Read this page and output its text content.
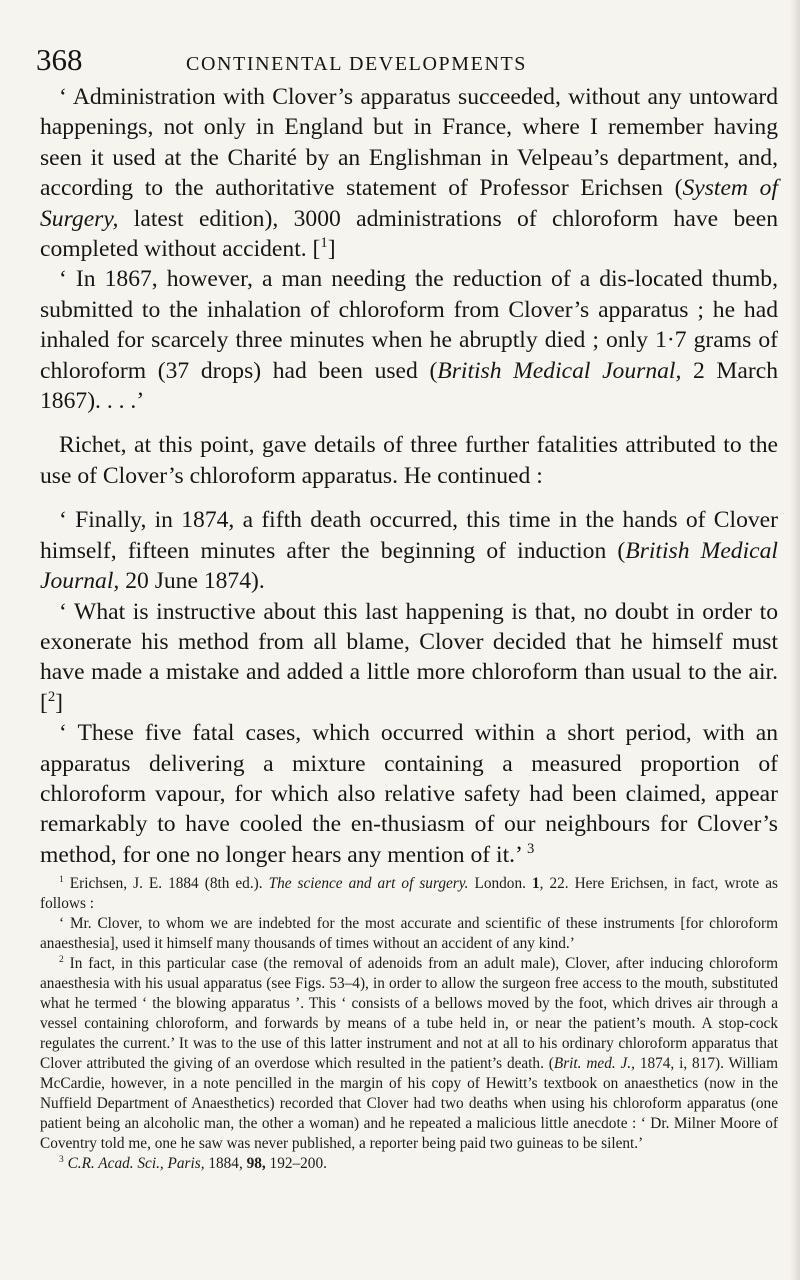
368	CONTINENTAL DEVELOPMENTS

‘ Administration with Clover’s apparatus succeeded, without any untoward happenings, not only in England but in France, where I remember having seen it used at the Charité by an Englishman in Velpeau’s department, and, according to the authoritative statement of Professor Erichsen (System of Surgery, latest edition), 3000 administrations of chloroform have been completed without accident. [$^1$]

‘ In 1867, however, a man needing the reduction of a dis-located thumb, submitted to the inhalation of chloroform from Clover’s apparatus ; he had inhaled for scarcely three minutes when he abruptly died ; only 1·7 grams of chloroform (37 drops) had been used (British Medical Journal, 2 March 1867). . . .’

Richet, at this point, gave details of three further fatalities attributed to the use of Clover’s chloroform apparatus. He continued :

‘ Finally, in 1874, a fifth death occurred, this time in the hands of Clover himself, fifteen minutes after the beginning of induction (British Medical Journal, 20 June 1874).

‘ What is instructive about this last happening is that, no doubt in order to exonerate his method from all blame, Clover decided that he himself must have made a mistake and added a little more chloroform than usual to the air. [$^2$]

‘ These five fatal cases, which occurred within a short period, with an apparatus delivering a mixture containing a measured proportion of chloroform vapour, for which also relative safety had been claimed, appear remarkably to have cooled the en-thusiasm of our neighbours for Clover’s method, for one no longer hears any mention of it.’ $^3$

$^1$ Erichsen, J. E. 1884 (8th ed.). The science and art of surgery. London. 1, 22. Here Erichsen, in fact, wrote as follows :

‘ Mr. Clover, to whom we are indebted for the most accurate and scientific of these instruments [for chloroform anaesthesia], used it himself many thousands of times without an accident of any kind.’

$^2$ In fact, in this particular case (the removal of adenoids from an adult male), Clover, after inducing chloroform anaesthesia with his usual apparatus (see Figs. 53–4), in order to allow the surgeon free access to the mouth, substituted what he termed ‘ the blowing apparatus ’. This ‘ consists of a bellows moved by the foot, which drives air through a vessel containing chloroform, and forwards by means of a tube held in, or near the patient’s mouth. A stop-cock regulates the current.’ It was to the use of this latter instrument and not at all to his ordinary chloroform apparatus that Clover attributed the giving of an overdose which resulted in the patient’s death. (Brit. med. J., 1874, i, 817). William McCardie, however, in a note pencilled in the margin of his copy of Hewitt’s textbook on anaesthetics (now in the Nuffield Department of Anaesthetics) recorded that Clover had two deaths when using his chloroform apparatus (one patient being an alcoholic man, the other a woman) and he repeated a malicious little anecdote : ‘ Dr. Milner Moore of Coventry told me, one he saw was never published, a reporter being paid two guineas to be silent.’

$^3$ C.R. Acad. Sci., Paris, 1884, 98, 192–200.
